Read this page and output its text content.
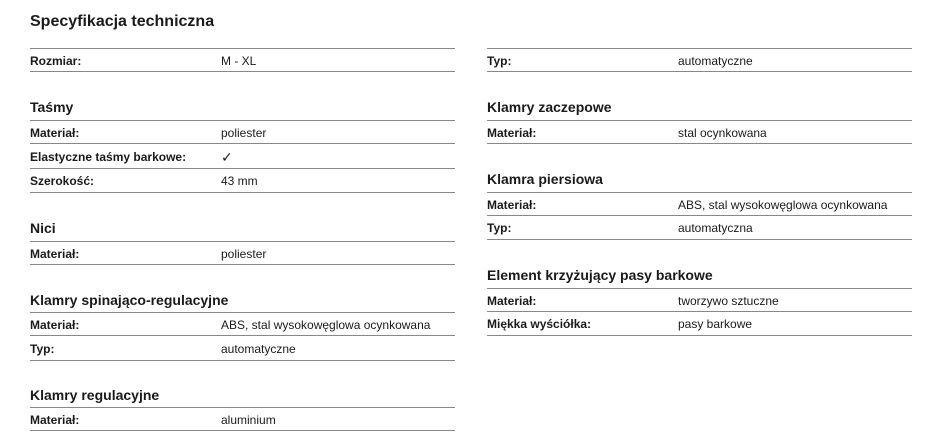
Specyfikacja techniczna
Rozmiar:	M - XL
Taśmy
Materiał:	poliester
Elastyczne taśmy barkowe: ✓
Szerokość:	43 mm
Nici
Materiał:	poliester
Klamry spinająco-regulacyjne
Materiał:	ABS, stal wysokowęglowa ocynkowana
Typ:	automatyczne
Klamry regulacyjne
Materiał:	aluminium
Typ:	automatyczne
Klamry zaczepowe
Materiał:	stal ocynkowana
Klamra piersiowa
Materiał:	ABS, stal wysokowęglowa ocynkowana
Typ:	automatyczna
Element krzyżujący pasy barkowe
Materiał:	tworzywo sztuczne
Miękka wyściółka:	pasy barkowe
